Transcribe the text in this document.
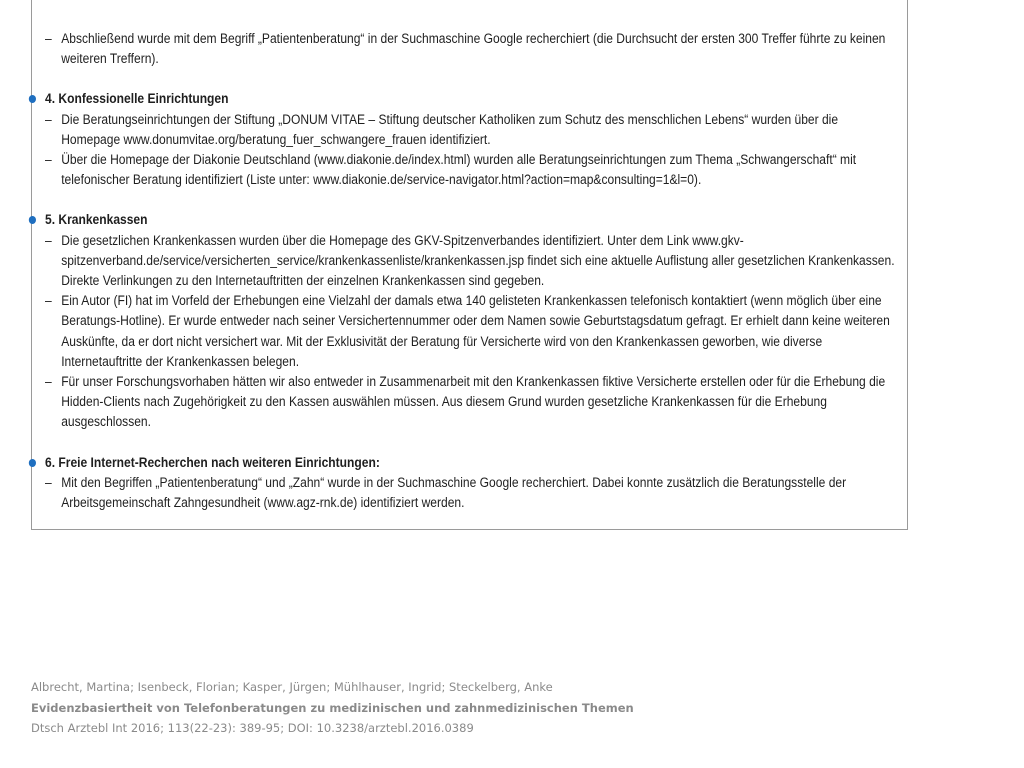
– Abschließend wurde mit dem Begriff „Patientenberatung“ in der Suchmaschine Google recherchiert (die Durchsucht der ersten 300 Treffer führte zu keinen weiteren Treffern).
4. Konfessionelle Einrichtungen
– Die Beratungseinrichtungen der Stiftung „DONUM VITAE – Stiftung deutscher Katholiken zum Schutz des menschlichen Lebens“ wurden über die Homepage www.donumvitae.org/beratung_fuer_schwangere_frauen identifiziert.
– Über die Homepage der Diakonie Deutschland (www.diakonie.de/index.html) wurden alle Beratungseinrichtungen zum Thema „Schwangerschaft“ mit telefonischer Beratung identifiziert (Liste unter: www.diakonie.de/service-navigator.html?action=map&consulting=1&l=0).
5. Krankenkassen
– Die gesetzlichen Krankenkassen wurden über die Homepage des GKV-Spitzenverbandes identifiziert. Unter dem Link www.gkv-spitzenverband.de/service/versicherten_service/krankenkassenliste/krankenkassen.jsp findet sich eine aktuelle Auflistung aller gesetzlichen Krankenkassen. Direkte Verlinkungen zu den Internetauftritten der einzelnen Krankenkassen sind gegeben.
– Ein Autor (FI) hat im Vorfeld der Erhebungen eine Vielzahl der damals etwa 140 gelisteten Krankenkassen telefonisch kontaktiert (wenn möglich über eine Beratungs-Hotline). Er wurde entweder nach seiner Versichertennummer oder dem Namen sowie Geburtstagsdatum gefragt. Er erhielt dann keine weiteren Auskünfte, da er dort nicht versichert war. Mit der Exklusivität der Beratung für Versicherte wird von den Krankenkassen geworben, wie diverse Internetauftritte der Krankenkassen belegen.
– Für unser Forschungsvorhaben hätten wir also entweder in Zusammenarbeit mit den Krankenkassen fiktive Versicherte erstellen oder für die Erhebung die Hidden-Clients nach Zugehörigkeit zu den Kassen auswählen müssen. Aus diesem Grund wurden gesetzliche Krankenkassen für die Erhebung ausgeschlossen.
6. Freie Internet-Recherchen nach weiteren Einrichtungen:
– Mit den Begriffen „Patientenberatung“ und „Zahn“ wurde in der Suchmaschine Google recherchiert. Dabei konnte zusätzlich die Beratungsstelle der Arbeitsgemeinschaft Zahngesundheit (www.agz-rnk.de) identifiziert werden.
Albrecht, Martina; Isenbeck, Florian; Kasper, Jürgen; Mühlhauser, Ingrid; Steckelberg, Anke
Evidenzbasiertheit von Telefonberatungen zu medizinischen und zahnmedizinischen Themen
Dtsch Arztebl Int 2016; 113(22-23): 389-95; DOI: 10.3238/arztebl.2016.0389
